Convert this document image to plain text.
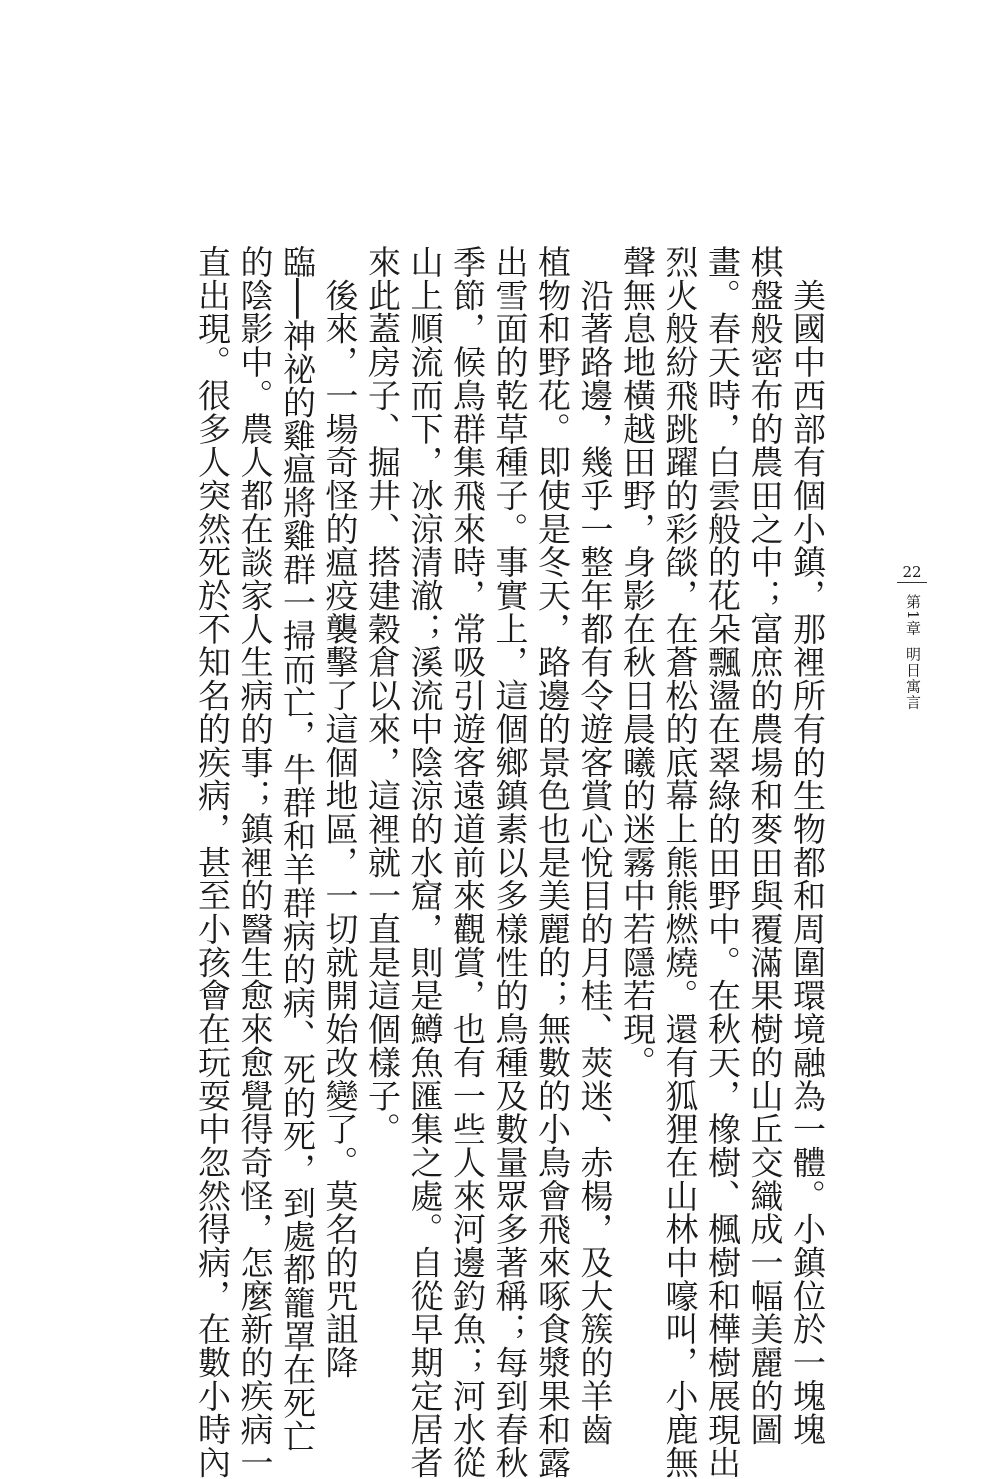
　美國中西部有個小鎮，那裡所有的生物都和周圍環境融為一體。小鎮位於一塊塊

棋盤般密布的農田之中；富庶的農場和麥田與覆滿果樹的山丘交織成一幅美麗的圖

畫。春天時，白雲般的花朵飄盪在翠綠的田野中。在秋天，橡樹、楓樹和樺樹展現出

烈火般紛飛跳躍的彩燄，在蒼松的底幕上熊熊燃燒。還有狐狸在山林中嚎叫，小鹿無

聲無息地橫越田野，身影在秋日晨曦的迷霧中若隱若現。

　沿著路邊，幾乎一整年都有令遊客賞心悅目的月桂、莢迷、赤楊，及大簇的羊齒

植物和野花。即使是冬天，路邊的景色也是美麗的；無數的小鳥會飛來啄食漿果和露

出雪面的乾草種子。事實上，這個鄉鎮素以多樣性的鳥種及數量眾多著稱；每到春秋

季節，候鳥群集飛來時，常吸引遊客遠道前來觀賞，也有一些人來河邊釣魚；河水從

山上順流而下，冰涼清澈；溪流中陰涼的水窟，則是鱒魚匯集之處。自從早期定居者

來此蓋房子、掘井、搭建穀倉以來，這裡就一直是這個樣子。

　後來，一場奇怪的瘟疫襲擊了這個地區，一切就開始改變了。莫名的咒詛降

臨──神祕的雞瘟將雞群一掃而亡，牛群和羊群病的病、死的死，到處都籠罩在死亡

的陰影中。農人都在談家人生病的事；鎮裡的醫生愈來愈覺得奇怪，怎麼新的疾病一

直出現。很多人突然死於不知名的疾病，甚至小孩會在玩耍中忽然得病，在數小時內	22
第1章明日寓言
